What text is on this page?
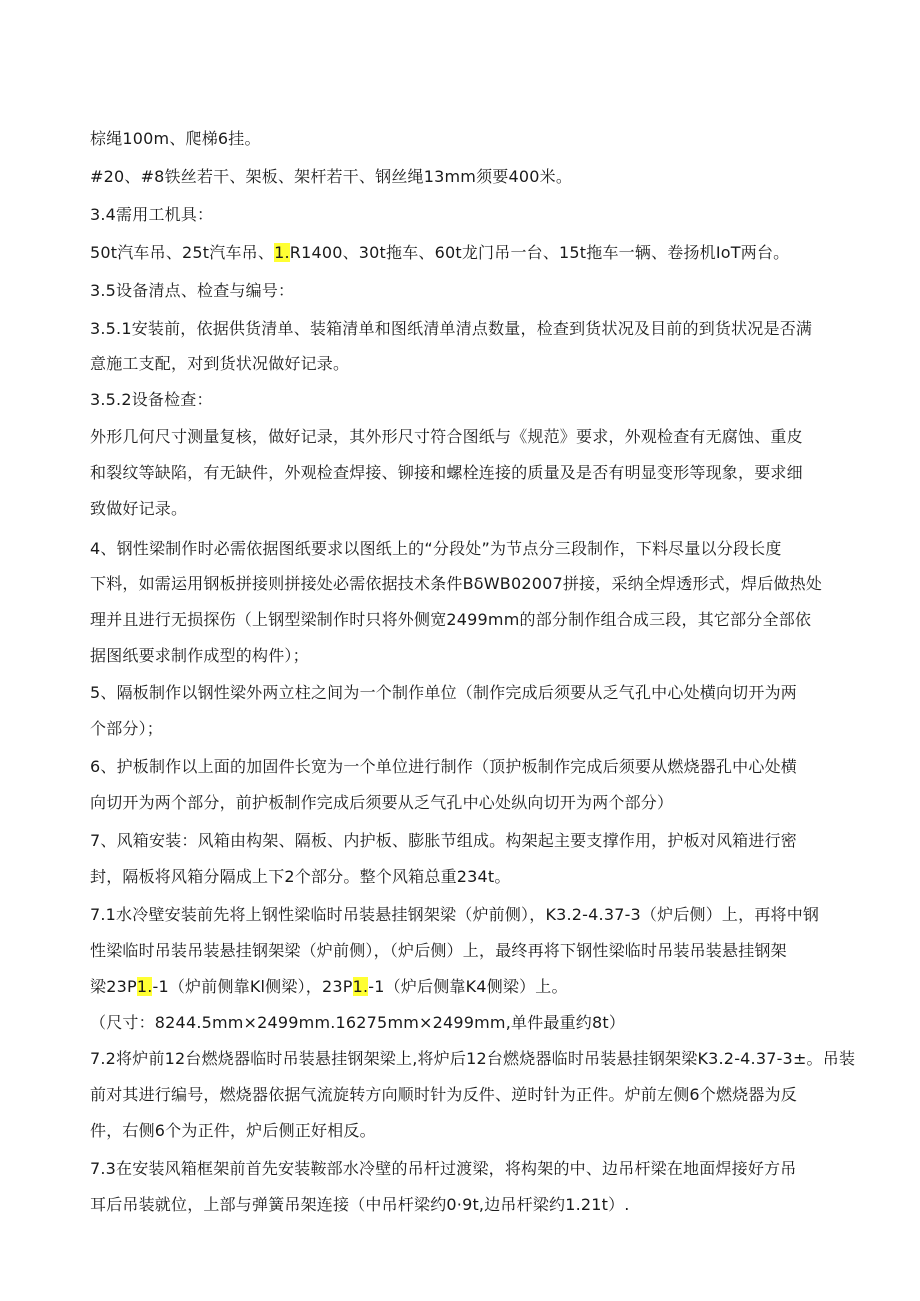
棕绳100m、爬梯6挂。
#20、#8铁丝若干、架板、架杆若干、钢丝绳13mm须要400米。
3.4需用工机具：
50t汽车吊、25t汽车吊、1.R1400、30t拖车、60t龙门吊一台、15t拖车一辆、卷扬机IoT两台。
3.5设备清点、检查与编号：
3.5.1安装前，依据供货清单、装箱清单和图纸清单清点数量，检查到货状况及目前的到货状况是否满
意施工支配，对到货状况做好记录。
3.5.2设备检查：
外形几何尺寸测量复核，做好记录，其外形尺寸符合图纸与《规范》要求，外观检查有无腐蚀、重皮
和裂纹等缺陷，有无缺件，外观检查焊接、铆接和螺栓连接的质量及是否有明显变形等现象，要求细
致做好记录。
4、钢性梁制作时必需依据图纸要求以图纸上的“分段处”为节点分三段制作，下料尽量以分段长度
下料，如需运用钢板拼接则拼接处必需依据技术条件BδWB02007拼接，采纳全焊透形式，焊后做热处
理并且进行无损探伤（上钢型梁制作时只将外侧宽2499mm的部分制作组合成三段，其它部分全部依
据图纸要求制作成型的构件）；
5、隔板制作以钢性梁外两立柱之间为一个制作单位（制作完成后须要从乏气孔中心处横向切开为两
个部分）；
6、护板制作以上面的加固件长宽为一个单位进行制作（顶护板制作完成后须要从燃烧器孔中心处横
向切开为两个部分，前护板制作完成后须要从乏气孔中心处纵向切开为两个部分）
7、风箱安装：风箱由构架、隔板、内护板、膨胀节组成。构架起主要支撑作用，护板对风箱进行密
封，隔板将风箱分隔成上下2个部分。整个风箱总重234t。
7.1水冷壁安装前先将上钢性梁临时吊装悬挂钢架梁（炉前侧），K3.2-4.37-3（炉后侧）上，再将中钢
性梁临时吊装吊装悬挂钢架梁（炉前侧），（炉后侧）上，最终再将下钢性梁临时吊装吊装悬挂钢架
梁23P1.-1（炉前侧靠Kl侧梁），23P1.-1（炉后侧靠K4侧梁）上。
（尺寸：8244.5mm×2499mm.16275mm×2499mm,单件最重约8t）
7.2将炉前12台燃烧器临时吊装悬挂钢架梁上,将炉后12台燃烧器临时吊装悬挂钢架梁K3.2-4.37-3±。吊装
前对其进行编号，燃烧器依据气流旋转方向顺时针为反件、逆时针为正件。炉前左侧6个燃烧器为反
件，右侧6个为正件，炉后侧正好相反。
7.3在安装风箱框架前首先安装鞍部水冷壁的吊杆过渡梁，将构架的中、边吊杆梁在地面焊接好方吊
耳后吊装就位，上部与弹簧吊架连接（中吊杆梁约0·9t,边吊杆梁约1.21t）.
